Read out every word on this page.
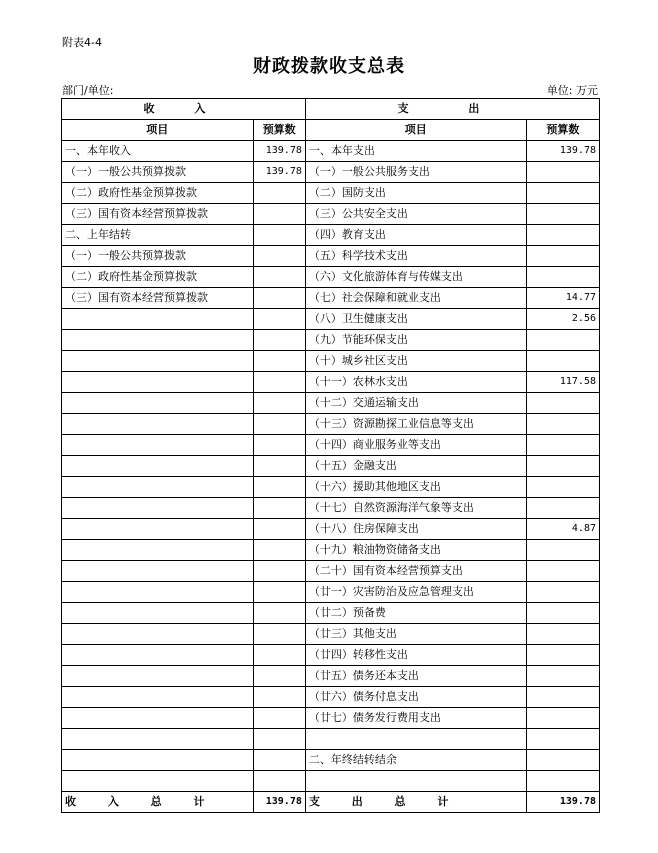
附表4-4
财政拨款收支总表
部门/单位:	单位: 万元
收 入		支 出	
项目	预算数	项目	预算数
一、本年收入	139.78	一、本年支出	139.78
（一）一般公共预算拨款	139.78	（一）一般公共服务支出	
（二）政府性基金预算拨款		（二）国防支出	
（三）国有资本经营预算拨款		（三）公共安全支出	
二、上年结转		（四）教育支出	
（一）一般公共预算拨款		（五）科学技术支出	
（二）政府性基金预算拨款		（六）文化旅游体育与传媒支出	
（三）国有资本经营预算拨款		（七）社会保障和就业支出	14.77
		（八）卫生健康支出	2.56
		（九）节能环保支出	
		（十）城乡社区支出	
		（十一）农林水支出	117.58
		（十二）交通运输支出	
		（十三）资源勘探工业信息等支出	
		（十四）商业服务业等支出	
		（十五）金融支出	
		（十六）援助其他地区支出	
		（十七）自然资源海洋气象等支出	
		（十八）住房保障支出	4.87
		（十九）粮油物资储备支出	
		（二十）国有资本经营预算支出	
		（廿一）灾害防治及应急管理支出	
		（廿二）预备费	
		（廿三）其他支出	
		（廿四）转移性支出	
		（廿五）债务还本支出	
		（廿六）债务付息支出	
		（廿七）债务发行费用支出	

		二、年终结转结余	

收 入 总 计	139.78	支 出 总 计	139.78
